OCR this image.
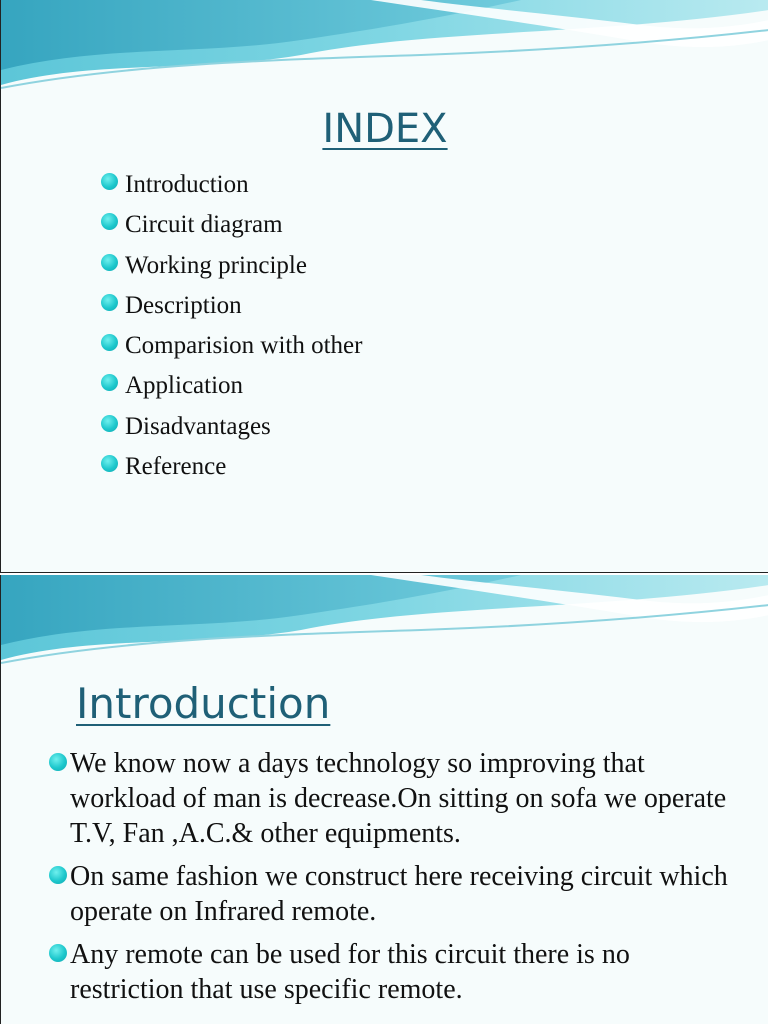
INDEX
Introduction
Circuit diagram
Working principle
Description
Comparision with other
Application
Disadvantages
Reference
Introduction
We know now a days technology so improving that workload of man is decrease.On sitting on sofa we operate T.V, Fan ,A.C.& other equipments.
On same fashion we construct here receiving circuit which operate on Infrared remote.
Any remote can be used for this circuit there is no restriction that use specific remote.
